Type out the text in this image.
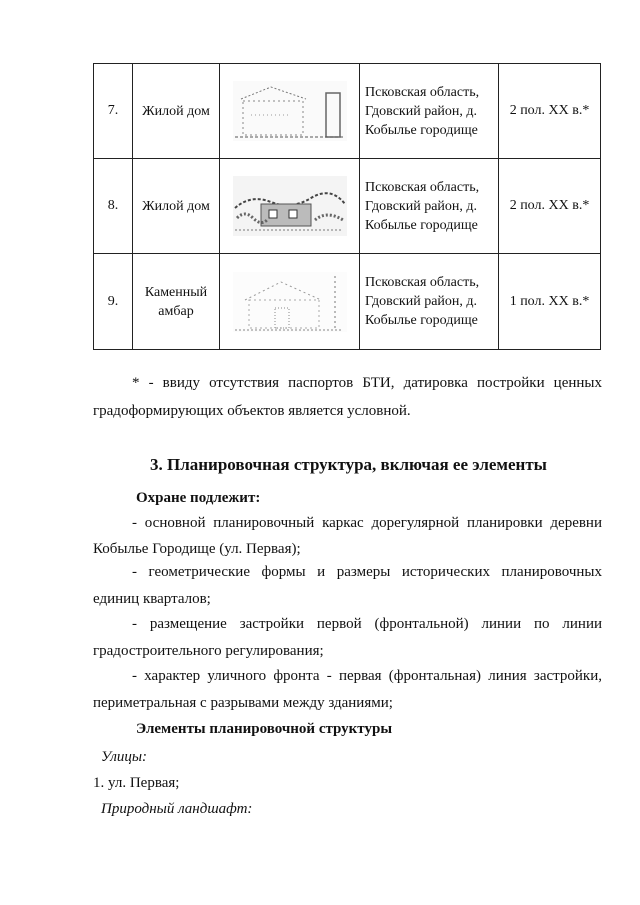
7.	Жилой дом		Псковская область, Гдовский район, д. Кобылье городище	2 пол. XX в.*
8.	Жилой дом		Псковская область, Гдовский район, д. Кобылье городище	2 пол. XX в.*
9.	Каменный амбар		Псковская область, Гдовский район, д. Кобылье городище	1 пол. XX в.*
* - ввиду отсутствия паспортов БТИ, датировка постройки ценных
градоформирующих объектов является условной.
3. Планировочная структура, включая ее элементы
Охране подлежит:
- основной планировочный каркас дорегулярной планировки деревни
Кобылье Городище (ул. Первая);
- геометрические формы и размеры исторических планировочных
единиц кварталов;
- размещение застройки первой (фронтальной) линии по линии
градостроительного регулирования;
- характер уличного фронта - первая (фронтальная) линия застройки,
периметральная с разрывами между зданиями;
Элементы планировочной структуры
Улицы:
1. ул. Первая;
Природный ландшафт:
